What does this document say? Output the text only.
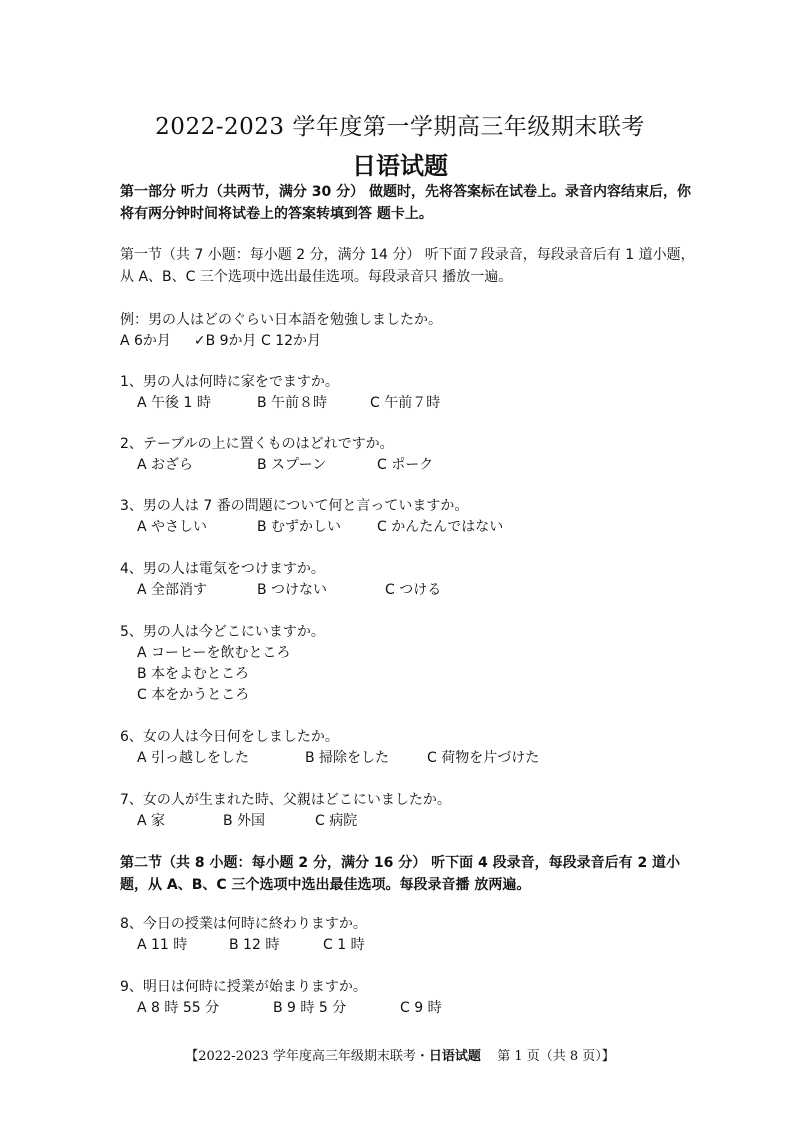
2022-2023 学年度第一学期高三年级期末联考
日语试题
第一部分 听力（共两节，满分 30 分） 做题时，先将答案标在试卷上。录音内容结束后，你将有两分钟时间将试卷上的答案转填到答 题卡上。
第一节（共 7 小题：每小题 2 分，满分 14 分） 听下面７段录音，每段录音后有 1 道小题，从 A、B、C 三个选项中选出最佳选项。每段录音只 播放一遍。
例：男の人はどのぐらい日本語を勉強しましたか。
A 6か月 ✓B 9か月 C 12か月
1、男の人は何時に家をでますか。
A 午後 1 時	B 午前８時	C 午前７時
2、テーブルの上に置くものはどれですか。
A おざら	B スプーン	C ポーク
3、男の人は 7 番の問題について何と言っていますか。
A やさしい	B むずかしい	C かんたんではない
4、男の人は電気をつけますか。
A 全部消す	B つけない	C つける
5、男の人は今どこにいますか。
A コーヒーを飲むところ
B 本をよむところ
C 本をかうところ
6、女の人は今日何をしましたか。
A 引っ越しをした	B 掃除をした	C 荷物を片づけた
7、女の人が生まれた時、父親はどこにいましたか。
A 家	B 外国	C 病院
第二节（共 8 小题：每小题 2 分，满分 16 分） 听下面 4 段录音，每段录音后有 2 道小题，从 A、B、C 三个选项中选出最佳选项。每段录音播 放两遍。
8、今日の授業は何時に終わりますか。
A 11 時	B 12 時	C 1 時
9、明日は何時に授業が始まりますか。
A 8 時 55 分	B 9 時 5 分	C 9 時
【2022-2023 学年度高三年级期末联考・日语试题 第 1 页（共 8 页）】
